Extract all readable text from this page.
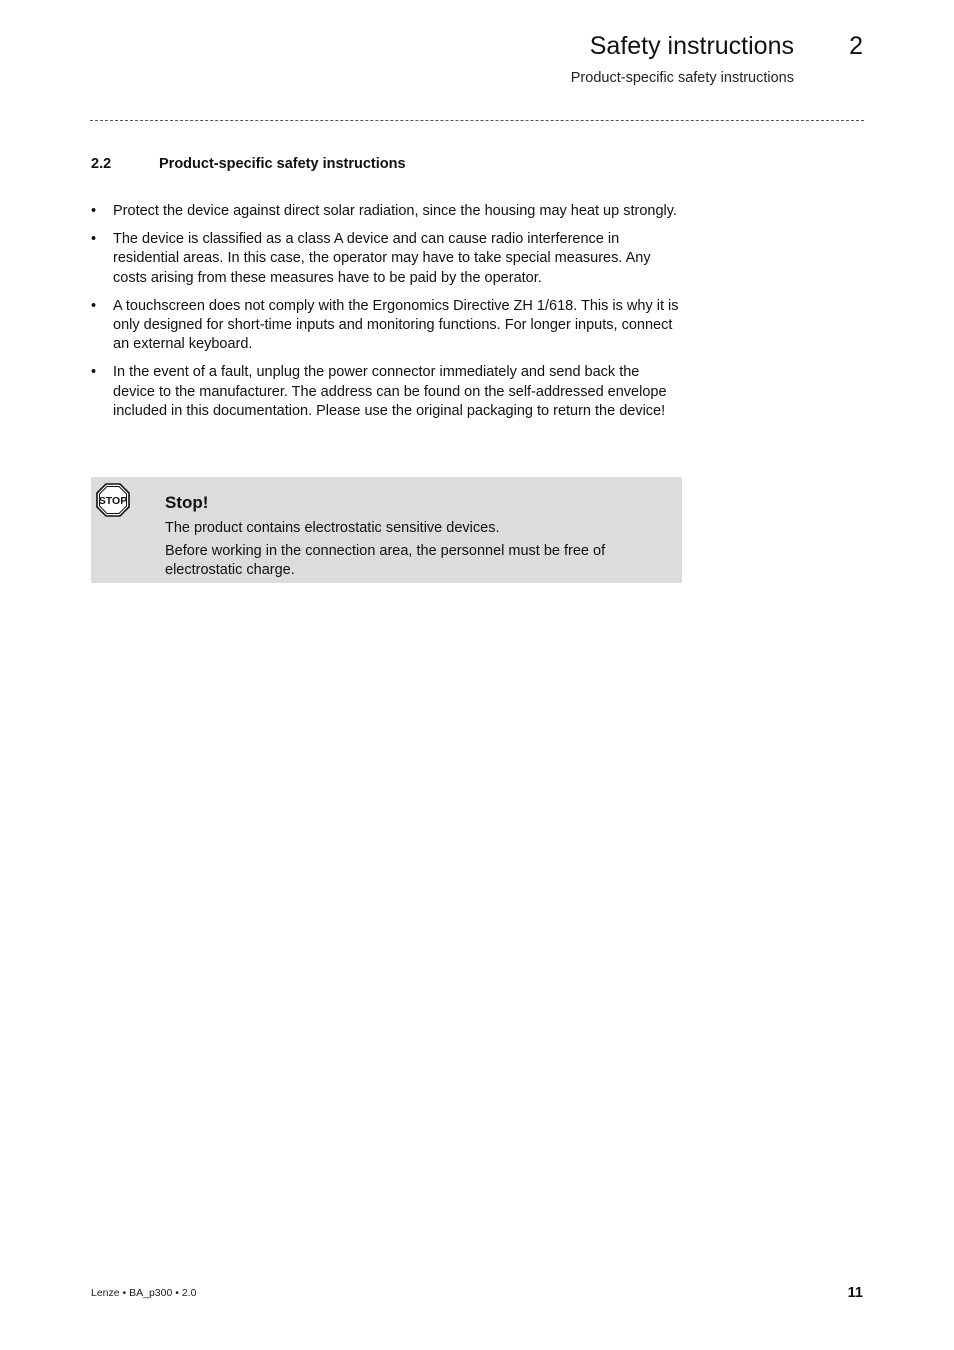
Safety instructions 2
Product-specific safety instructions
2.2	Product-specific safety instructions
• Protect the device against direct solar radiation, since the housing may heat up strongly.
• The device is classified as a class A device and can cause radio interference in residential areas. In this case, the operator may have to take special measures. Any costs arising from these measures have to be paid by the operator.
• A touchscreen does not comply with the Ergonomics Directive ZH 1/618. This is why it is only designed for short-time inputs and monitoring functions. For longer inputs, connect an external keyboard.
• In the event of a fault, unplug the power connector immediately and send back the device to the manufacturer. The address can be found on the self-addressed envelope included in this documentation. Please use the original packaging to return the device!
STOP Stop!
The product contains electrostatic sensitive devices.
Before working in the connection area, the personnel must be free of electrostatic charge.
Lenze • BA_p300 • 2.0	11
